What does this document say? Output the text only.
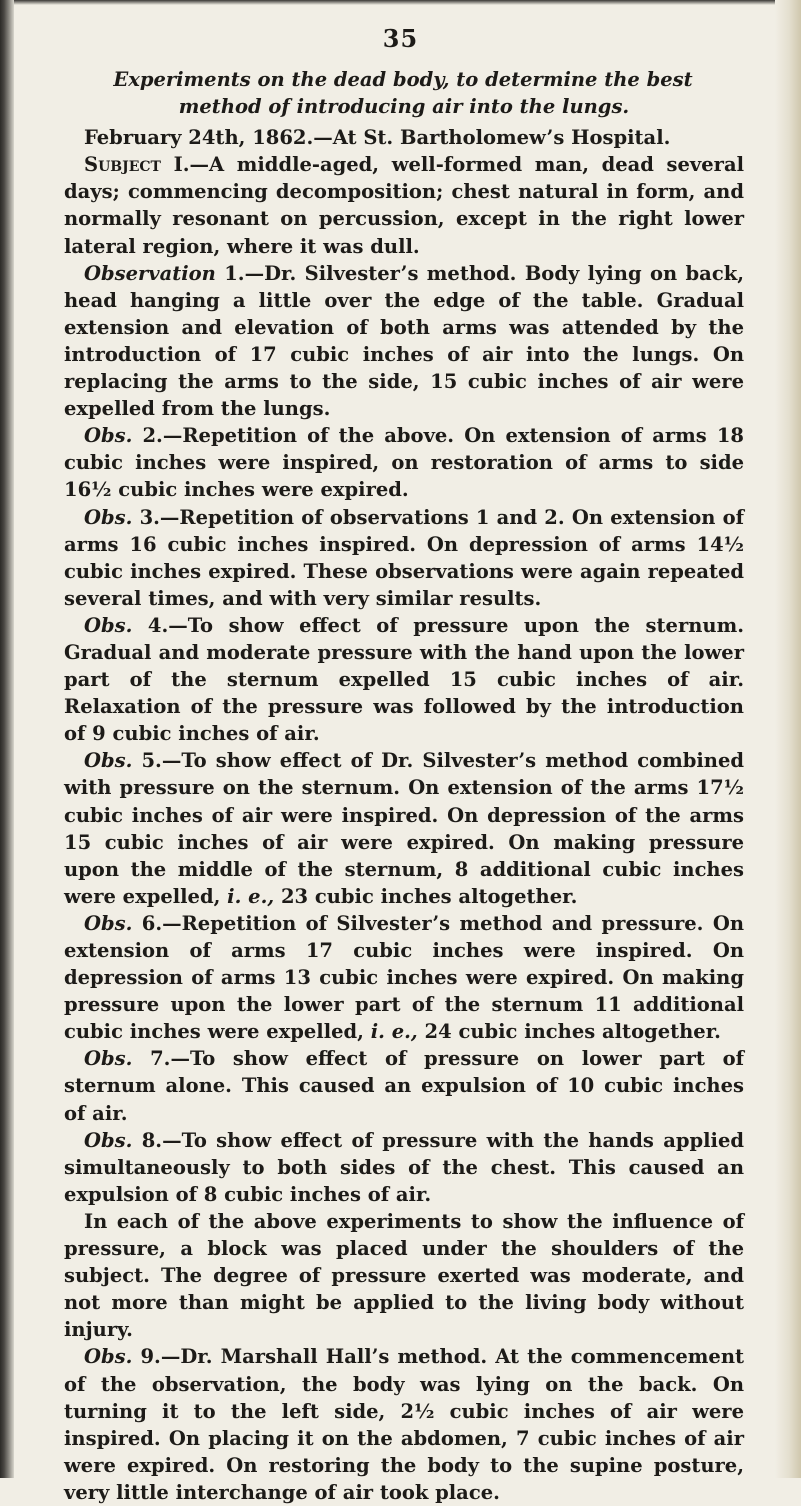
35
Experiments on the dead body, to determine the best method of introducing air into the lungs.

February 24th, 1862.—At St. Bartholomew’s Hospital.

Subject I.—A middle-aged, well-formed man, dead several days; commencing decomposition; chest natural in form, and normally resonant on percussion, except in the right lower lateral region, where it was dull.

Observation 1.—Dr. Silvester’s method. Body lying on back, head hanging a little over the edge of the table. Gradual extension and elevation of both arms was attended by the introduction of 17 cubic inches of air into the lungs. On replacing the arms to the side, 15 cubic inches of air were expelled from the lungs.

Obs. 2.—Repetition of the above. On extension of arms 18 cubic inches were inspired, on restoration of arms to side 16½ cubic inches were expired.

Obs. 3.—Repetition of observations 1 and 2. On extension of arms 16 cubic inches inspired. On depression of arms 14½ cubic inches expired. These observations were again repeated several times, and with very similar results.

Obs. 4.—To show effect of pressure upon the sternum. Gradual and moderate pressure with the hand upon the lower part of the sternum expelled 15 cubic inches of air. Relaxation of the pressure was followed by the introduction of 9 cubic inches of air.

Obs. 5.—To show effect of Dr. Silvester’s method combined with pressure on the sternum. On extension of the arms 17½ cubic inches of air were inspired. On depression of the arms 15 cubic inches of air were expired. On making pressure upon the middle of the sternum, 8 additional cubic inches were expelled, i. e., 23 cubic inches altogether.

Obs. 6.—Repetition of Silvester’s method and pressure. On extension of arms 17 cubic inches were inspired. On depression of arms 13 cubic inches were expired. On making pressure upon the lower part of the sternum 11 additional cubic inches were expelled, i. e., 24 cubic inches altogether.

Obs. 7.—To show effect of pressure on lower part of sternum alone. This caused an expulsion of 10 cubic inches of air.

Obs. 8.—To show effect of pressure with the hands applied simultaneously to both sides of the chest. This caused an expulsion of 8 cubic inches of air.

In each of the above experiments to show the influence of pressure, a block was placed under the shoulders of the subject. The degree of pressure exerted was moderate, and not more than might be applied to the living body without injury.

Obs. 9.—Dr. Marshall Hall’s method. At the commencement of the observation, the body was lying on the back. On turning it to the left side, 2½ cubic inches of air were inspired. On placing it on the abdomen, 7 cubic inches of air were expired. On restoring the body to the supine posture, very little interchange of air took place.
